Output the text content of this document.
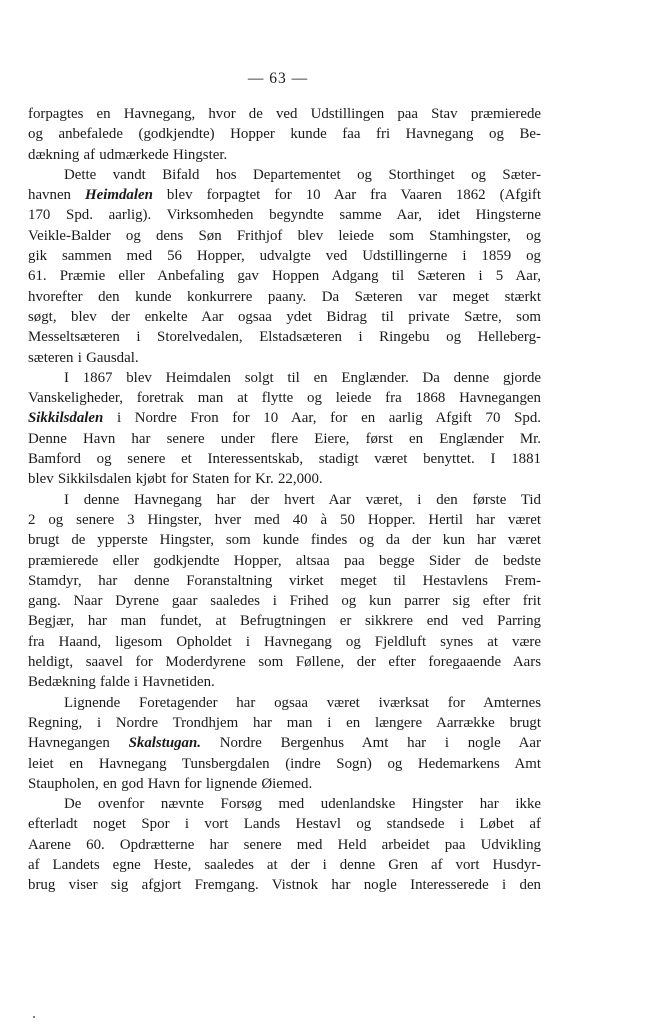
— 63 —
forpagtes en Havnegang, hvor de ved Udstillingen paa Stav præmierede
og anbefalede (godkjendte) Hopper kunde faa fri Havnegang og Be-
dækning af udmærkede Hingster.
Dette vandt Bifald hos Departementet og Storthinget og Sæter-
havnen Heimdalen blev forpagtet for 10 Aar fra Vaaren 1862 (Afgift
170 Spd. aarlig). Virksomheden begyndte samme Aar, idet Hingsterne
Veikle-Balder og dens Søn Frithjof blev leiede som Stamhingster, og
gik sammen med 56 Hopper, udvalgte ved Udstillingerne i 1859 og
61. Præmie eller Anbefaling gav Hoppen Adgang til Sæteren i 5 Aar,
hvorefter den kunde konkurrere paany. Da Sæteren var meget stærkt
søgt, blev der enkelte Aar ogsaa ydet Bidrag til private Sætre, som
Messeltsæteren i Storelvedalen, Elstadsæteren i Ringebu og Helleberg-
sæteren i Gausdal.
I 1867 blev Heimdalen solgt til en Englænder. Da denne gjorde
Vanskeligheder, foretrak man at flytte og leiede fra 1868 Havnegangen
Sikkilsdalen i Nordre Fron for 10 Aar, for en aarlig Afgift 70 Spd.
Denne Havn har senere under flere Eiere, først en Englænder Mr.
Bamford og senere et Interessentskab, stadigt været benyttet. I 1881
blev Sikkilsdalen kjøbt for Staten for Kr. 22,000.
I denne Havnegang har der hvert Aar været, i den første Tid
2 og senere 3 Hingster, hver med 40 à 50 Hopper. Hertil har været
brugt de ypperste Hingster, som kunde findes og da der kun har været
præmierede eller godkjendte Hopper, altsaa paa begge Sider de bedste
Stamdyr, har denne Foranstaltning virket meget til Hestavlens Frem-
gang. Naar Dyrene gaar saaledes i Frihed og kun parrer sig efter frit
Begjær, har man fundet, at Befrugtningen er sikkrere end ved Parring
fra Haand, ligesom Opholdet i Havnegang og Fjeldluft synes at være
heldigt, saavel for Moderdyrene som Føllene, der efter foregaaende Aars
Bedækning falde i Havnetiden.
Lignende Foretagender har ogsaa været iværksat for Amternes
Regning, i Nordre Trondhjem har man i en længere Aarrække brugt
Havnegangen Skalstugan. Nordre Bergenhus Amt har i nogle Aar
leiet en Havnegang Tunsbergdalen (indre Sogn) og Hedemarkens Amt
Staupholen, en god Havn for lignende Øiemed.
De ovenfor nævnte Forsøg med udenlandske Hingster har ikke
efterladt noget Spor i vort Lands Hestavl og standsede i Løbet af
Aarene 60. Opdrætterne har senere med Held arbeidet paa Udvikling
af Landets egne Heste, saaledes at der i denne Gren af vort Husdyr-
brug viser sig afgjort Fremgang. Vistnok har nogle Interesserede i den
